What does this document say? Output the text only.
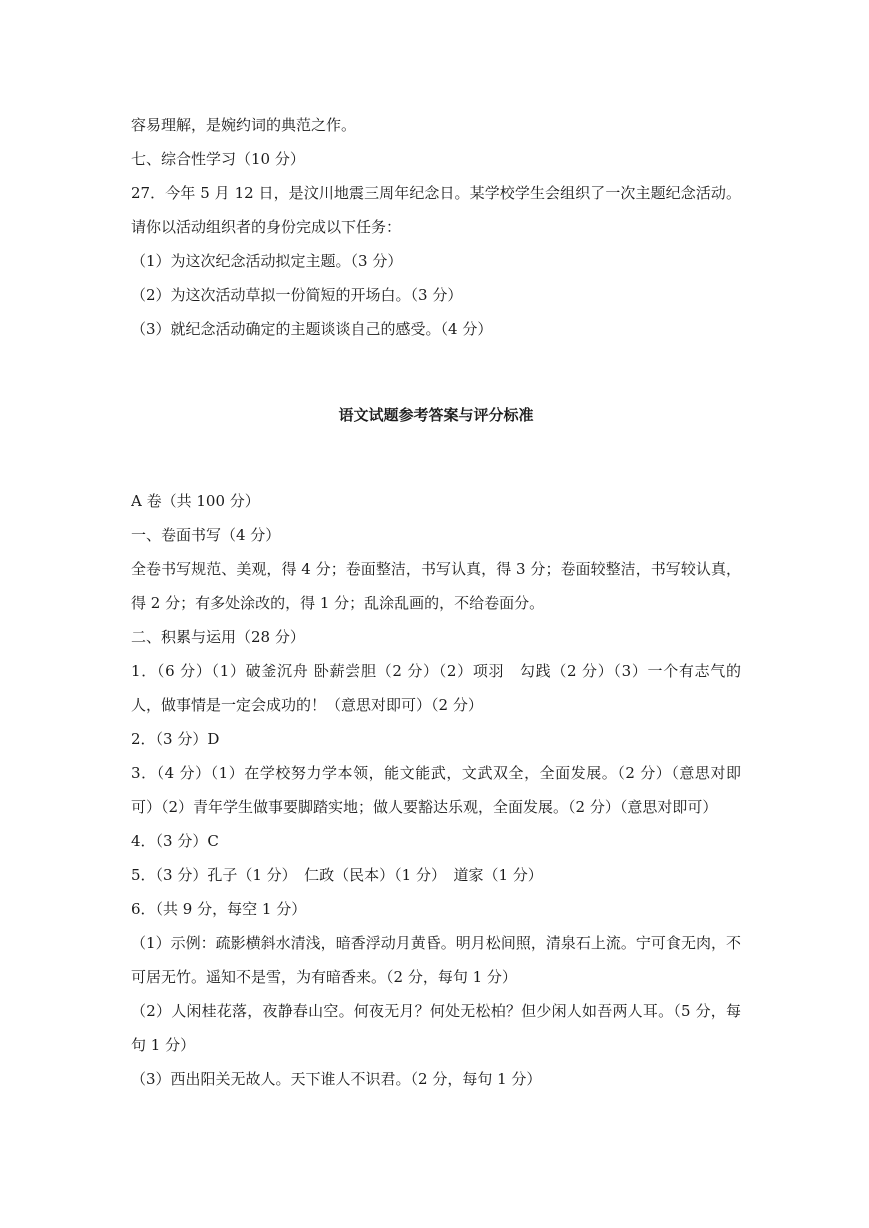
容易理解，是婉约词的典范之作。
七、综合性学习（10 分）
27．今年 5 月 12 日，是汶川地震三周年纪念日。某学校学生会组织了一次主题纪念活动。请你以活动组织者的身份完成以下任务：
（1）为这次纪念活动拟定主题。（3 分）
（2）为这次活动草拟一份简短的开场白。（3 分）
（3）就纪念活动确定的主题谈谈自己的感受。（4 分）
语文试题参考答案与评分标准
A 卷（共 100 分）
一、卷面书写（4 分）
全卷书写规范、美观，得 4 分；卷面整洁，书写认真，得 3 分；卷面较整洁，书写较认真，得 2 分；有多处涂改的，得 1 分；乱涂乱画的，不给卷面分。
二、积累与运用（28 分）
1．（6 分）（1）破釜沉舟 卧薪尝胆（2 分）（2）项羽　勾践（2 分）（3）一个有志气的人，做事情是一定会成功的！（意思对即可）（2 分）
2．（3 分）D
3．（4 分）（1）在学校努力学本领，能文能武，文武双全，全面发展。（2 分）（意思对即可）（2）青年学生做事要脚踏实地；做人要豁达乐观，全面发展。（2 分）（意思对即可）
4．（3 分）C
5．（3 分）孔子（1 分）　仁政（民本）（1 分）　道家（1 分）
6．（共 9 分，每空 1 分）
（1）示例：疏影横斜水清浅，暗香浮动月黄昏。明月松间照，清泉石上流。宁可食无肉，不可居无竹。遥知不是雪，为有暗香来。（2 分，每句 1 分）
（2）人闲桂花落，夜静春山空。何夜无月？何处无松柏？但少闲人如吾两人耳。（5 分，每句 1 分）
（3）西出阳关无故人。天下谁人不识君。（2 分，每句 1 分）
